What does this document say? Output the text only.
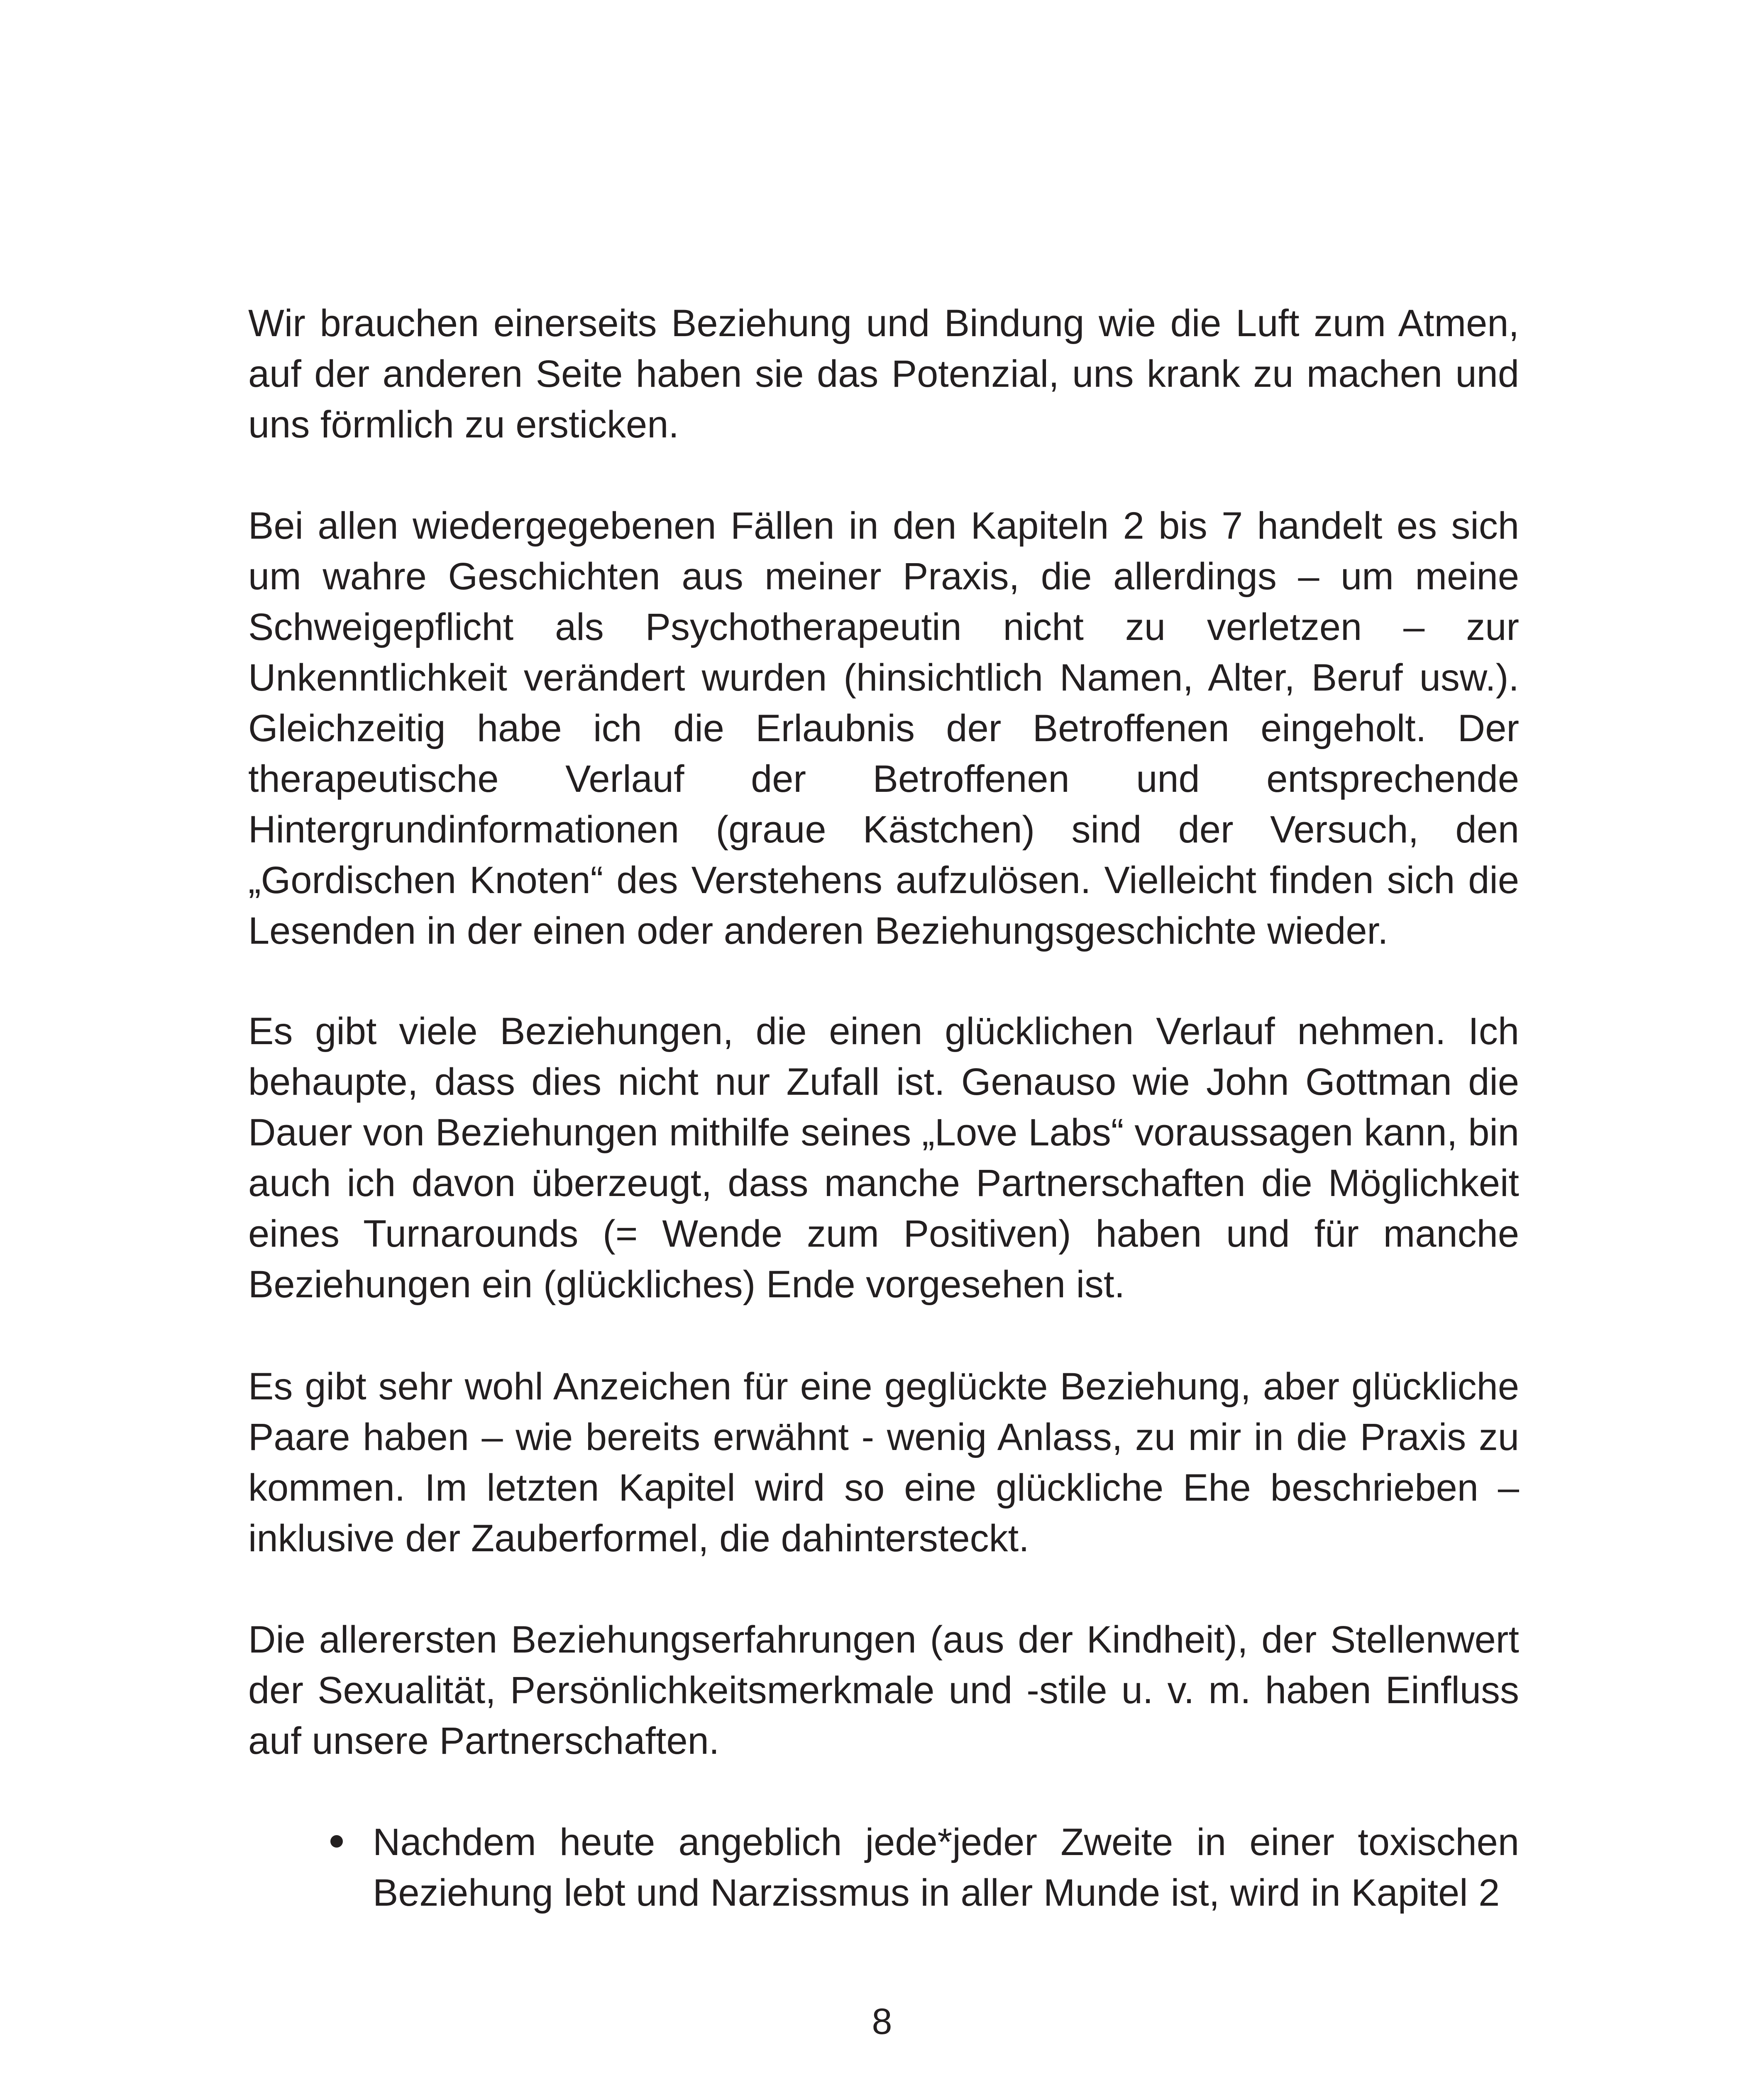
Wir brauchen einerseits Beziehung und Bindung wie die Luft zum Atmen, auf der anderen Seite haben sie das Potenzial, uns krank zu machen und uns förmlich zu ersticken.

Bei allen wiedergegebenen Fällen in den Kapiteln 2 bis 7 handelt es sich um wahre Geschichten aus meiner Praxis, die allerdings – um meine Schweigepflicht als Psychotherapeutin nicht zu verletzen – zur Unkenntlichkeit verändert wurden (hinsichtlich Namen, Alter, Beruf usw.). Gleichzeitig habe ich die Erlaubnis der Betroffenen eingeholt. Der therapeutische Verlauf der Betroffenen und entsprechende Hintergrundinformationen (graue Kästchen) sind der Versuch, den „Gordischen Knoten“ des Verstehens aufzulösen. Vielleicht finden sich die Lesenden in der einen oder anderen Beziehungsgeschichte wieder.

Es gibt viele Beziehungen, die einen glücklichen Verlauf nehmen. Ich behaupte, dass dies nicht nur Zufall ist. Genauso wie John Gottman die Dauer von Beziehungen mithilfe seines „Love Labs“ voraussagen kann, bin auch ich davon überzeugt, dass manche Partnerschaften die Möglichkeit eines Turnarounds (= Wende zum Positiven) haben und für manche Beziehungen ein (glückliches) Ende vorgesehen ist.

Es gibt sehr wohl Anzeichen für eine geglückte Beziehung, aber glückliche Paare haben – wie bereits erwähnt - wenig Anlass, zu mir in die Praxis zu kommen. Im letzten Kapitel wird so eine glückliche Ehe beschrieben – inklusive der Zauberformel, die dahintersteckt.

Die allerersten Beziehungserfahrungen (aus der Kindheit), der Stellenwert der Sexualität, Persönlichkeitsmerkmale und -stile u. v. m. haben Einfluss auf unsere Partnerschaften.

Nachdem heute angeblich jede*jeder Zweite in einer toxischen Beziehung lebt und Narzissmus in aller Munde ist, wird in Kapitel 2
8
